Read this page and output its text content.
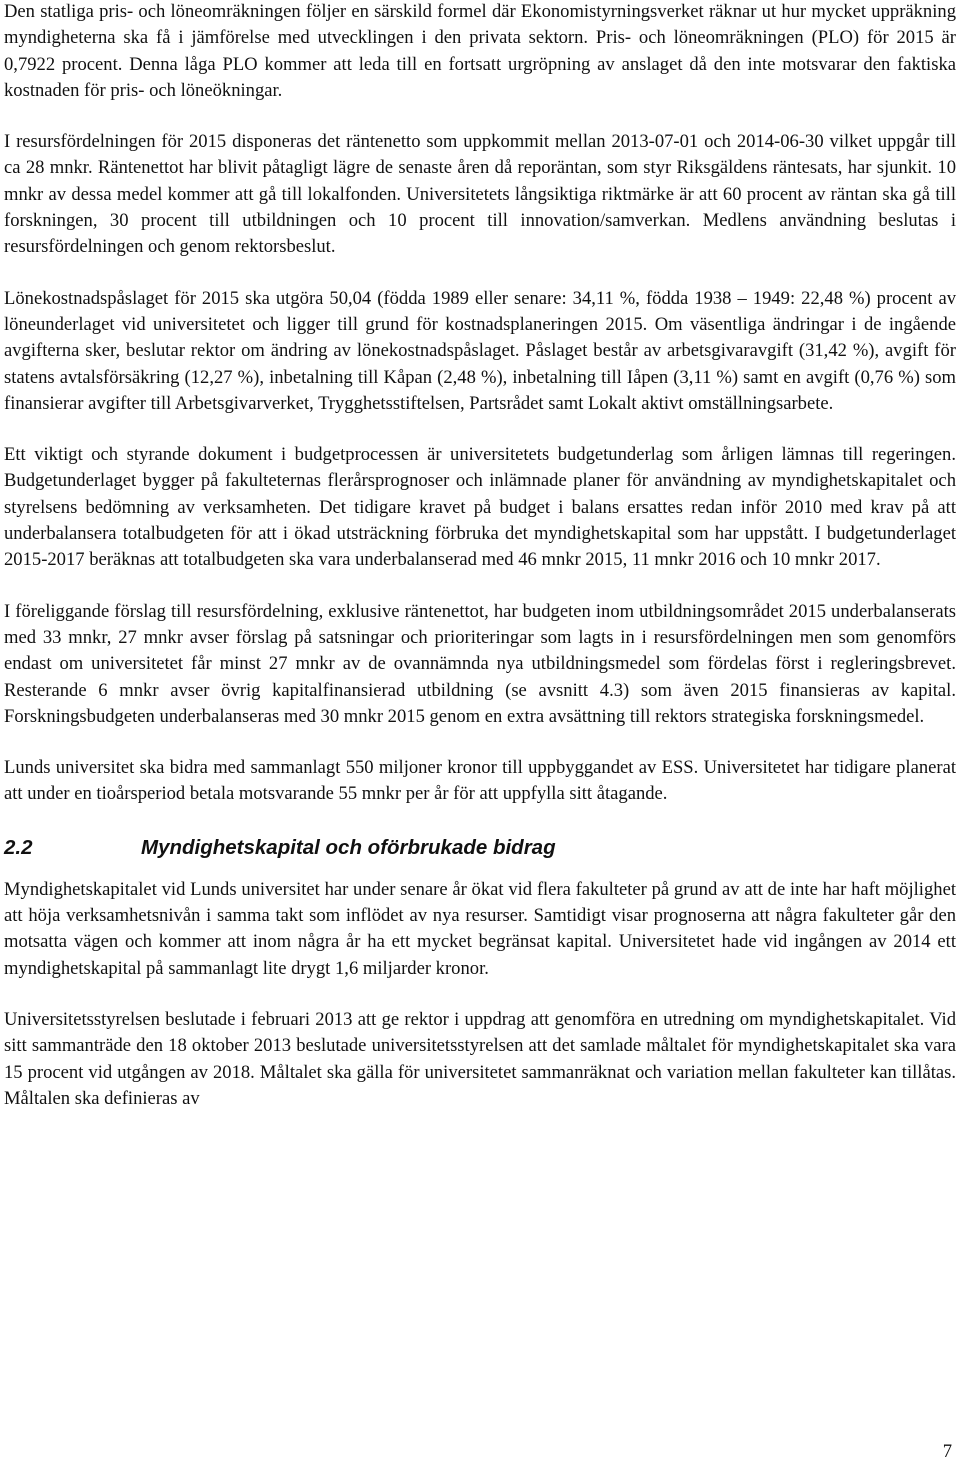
Den statliga pris- och löneomräkningen följer en särskild formel där Ekonomistyrningsverket räknar ut hur mycket uppräkning myndigheterna ska få i jämförelse med utvecklingen i den privata sektorn. Pris- och löneomräkningen (PLO) för 2015 är 0,7922 procent. Denna låga PLO kommer att leda till en fortsatt urgröpning av anslaget då den inte motsvarar den faktiska kostnaden för pris- och löneökningar.

I resursfördelningen för 2015 disponeras det räntenetto som uppkommit mellan 2013-07-01 och 2014-06-30 vilket uppgår till ca 28 mnkr. Räntenettot har blivit påtagligt lägre de senaste åren då reporäntan, som styr Riksgäldens räntesats, har sjunkit. 10 mnkr av dessa medel kommer att gå till lokalfonden. Universitetets långsiktiga riktmärke är att 60 procent av räntan ska gå till forskningen, 30 procent till utbildningen och 10 procent till innovation/samverkan. Medlens användning beslutas i resursfördelningen och genom rektorsbeslut.

Lönekostnadspåslaget för 2015 ska utgöra 50,04 (födda 1989 eller senare: 34,11 %, födda 1938 – 1949: 22,48 %) procent av löneunderlaget vid universitetet och ligger till grund för kostnadsplaneringen 2015. Om väsentliga ändringar i de ingående avgifterna sker, beslutar rektor om ändring av lönekostnadspåslaget. Påslaget består av arbetsgivaravgift (31,42 %), avgift för statens avtalsförsäkring (12,27 %), inbetalning till Kåpan (2,48 %), inbetalning till Iåpen (3,11 %) samt en avgift (0,76 %) som finansierar avgifter till Arbetsgivarverket, Trygghetsstiftelsen, Partsrådet samt Lokalt aktivt omställningsarbete.

Ett viktigt och styrande dokument i budgetprocessen är universitetets budgetunderlag som årligen lämnas till regeringen. Budgetunderlaget bygger på fakulteternas flerårsprognoser och inlämnade planer för användning av myndighetskapitalet och styrelsens bedömning av verksamheten. Det tidigare kravet på budget i balans ersattes redan inför 2010 med krav på att underbalansera totalbudgeten för att i ökad utsträckning förbruka det myndighetskapital som har uppstått. I budgetunderlaget 2015-2017 beräknas att totalbudgeten ska vara underbalanserad med 46 mnkr 2015, 11 mnkr 2016 och 10 mnkr 2017.

I föreliggande förslag till resursfördelning, exklusive räntenettot, har budgeten inom utbildningsområdet 2015 underbalanserats med 33 mnkr, 27 mnkr avser förslag på satsningar och prioriteringar som lagts in i resursfördelningen men som genomförs endast om universitetet får minst 27 mnkr av de ovannämnda nya utbildningsmedel som fördelas först i regleringsbrevet. Resterande 6 mnkr avser övrig kapitalfinansierad utbildning (se avsnitt 4.3) som även 2015 finansieras av kapital. Forskningsbudgeten underbalanseras med 30 mnkr 2015 genom en extra avsättning till rektors strategiska forskningsmedel.

Lunds universitet ska bidra med sammanlagt 550 miljoner kronor till uppbyggandet av ESS. Universitetet har tidigare planerat att under en tioårsperiod betala motsvarande 55 mnkr per år för att uppfylla sitt åtagande.

2.2	Myndighetskapital och oförbrukade bidrag

Myndighetskapitalet vid Lunds universitet har under senare år ökat vid flera fakulteter på grund av att de inte har haft möjlighet att höja verksamhetsnivån i samma takt som inflödet av nya resurser. Samtidigt visar prognoserna att några fakulteter går den motsatta vägen och kommer att inom några år ha ett mycket begränsat kapital. Universitetet hade vid ingången av 2014 ett myndighetskapital på sammanlagt lite drygt 1,6 miljarder kronor.

Universitetsstyrelsen beslutade i februari 2013 att ge rektor i uppdrag att genomföra en utredning om myndighetskapitalet. Vid sitt sammanträde den 18 oktober 2013 beslutade universitetsstyrelsen att det samlade måltalet för myndighetskapitalet ska vara 15 procent vid utgången av 2018. Måltalet ska gälla för universitetet sammanräknat och variation mellan fakulteter kan tillåtas. Måltalen ska definieras av

7
